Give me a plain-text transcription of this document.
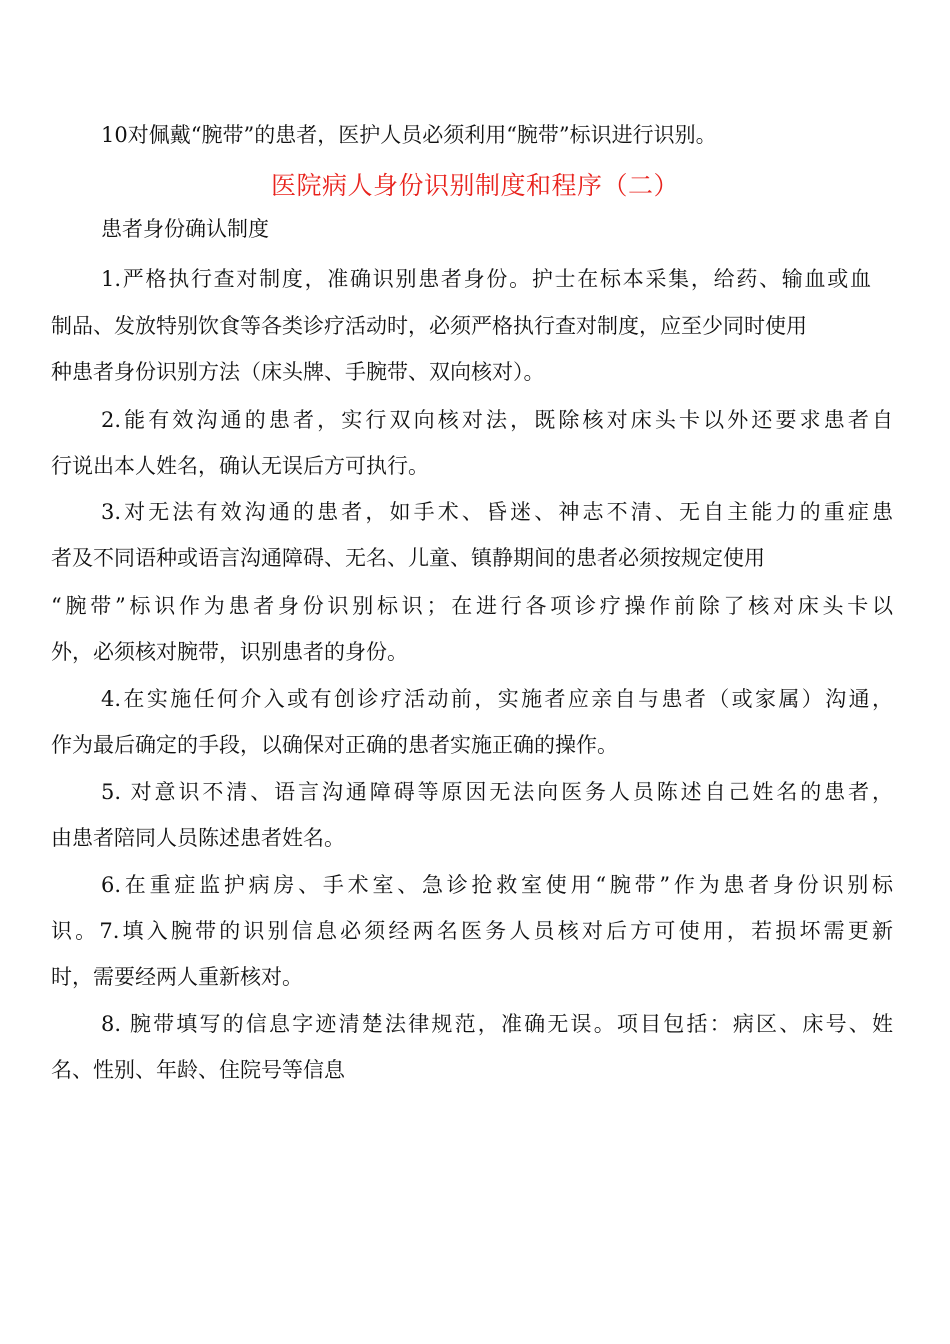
10对佩戴“腕带”的患者，医护人员必须利用“腕带”标识进行识别。
医院病人身份识别制度和程序（二）
患者身份确认制度
1.严格执行查对制度，准确识别患者身份。护士在标本采集，给药、输血或血
制品、发放特别饮食等各类诊疗活动时，必须严格执行查对制度，应至少同时使用
种患者身份识别方法（床头牌、手腕带、双向核对）。
2.能有效沟通的患者，实行双向核对法，既除核对床头卡以外还要求患者自
行说出本人姓名，确认无误后方可执行。
3.对无法有效沟通的患者，如手术、昏迷、神志不清、无自主能力的重症患
者及不同语种或语言沟通障碍、无名、儿童、镇静期间的患者必须按规定使用
“腕带”标识作为患者身份识别标识；在进行各项诊疗操作前除了核对床头卡以
外，必须核对腕带，识别患者的身份。
4.在实施任何介入或有创诊疗活动前，实施者应亲自与患者（或家属）沟通，
作为最后确定的手段，以确保对正确的患者实施正确的操作。
5. 对意识不清、语言沟通障碍等原因无法向医务人员陈述自己姓名的患者，
由患者陪同人员陈述患者姓名。
6.在重症监护病房、手术室、急诊抢救室使用“腕带”作为患者身份识别标
识。7.填入腕带的识别信息必须经两名医务人员核对后方可使用，若损坏需更新
时，需要经两人重新核对。
8. 腕带填写的信息字迹清楚法律规范，准确无误。项目包括：病区、床号、姓
名、性别、年龄、住院号等信息
